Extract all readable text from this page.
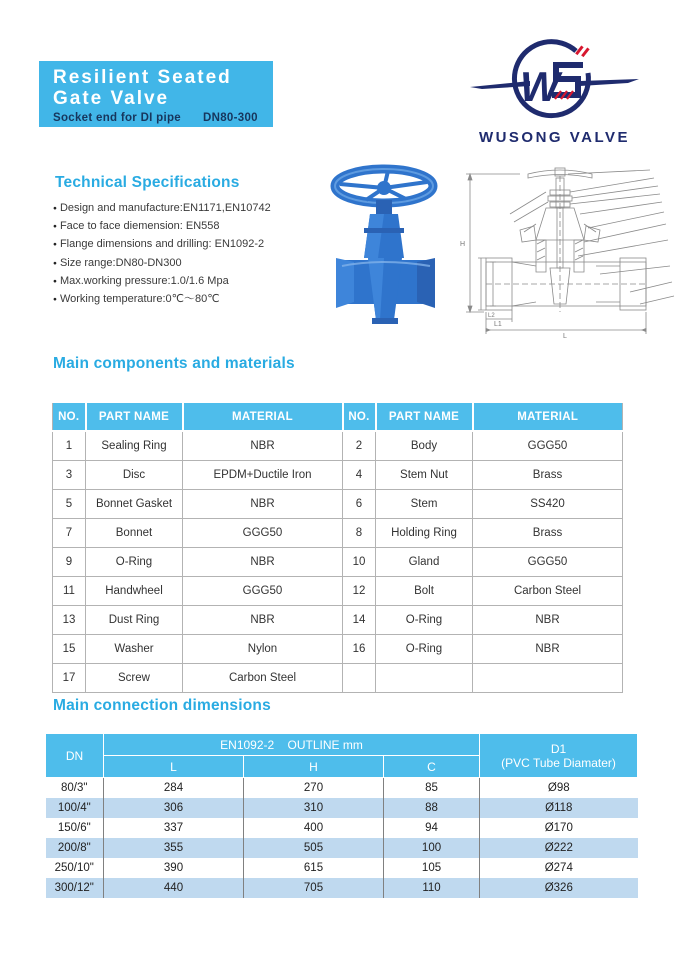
Resilient Seated
Gate Valve
Socket end for DI pipe DN80-300
W
WUSONG VALVE
Technical Specifications
● Design and manufacture:EN1171,EN10742
● Face to face diemension: EN558
● Flange dimensions and drilling: EN1092-2
● Size range:DN80-DN300
● Max.working pressure:1.0/1.6 Mpa
● Working temperature:0℃～80℃
H
L
L1
L2
Main components and materials
NO.	PART NAME	MATERIAL	NO.	PART NAME	MATERIAL
1	Sealing Ring	NBR	2	Body	GGG50
3	Disc	EPDM+Ductile Iron	4	Stem Nut	Brass
5	Bonnet Gasket	NBR	6	Stem	SS420
7	Bonnet	GGG50	8	Holding Ring	Brass
9	O-Ring	NBR	10	Gland	GGG50
11	Handwheel	GGG50	12	Bolt	Carbon Steel
13	Dust Ring	NBR	14	O-Ring	NBR
15	Washer	Nylon	16	O-Ring	NBR
17	Screw	Carbon Steel			
Main connection dimensions
DN	EN1092-2    OUTLINE mm			D1
(PVC Tube Diamater)

	L	H	C	
80/3"	284	270	85	Ø98
100/4"	306	310	88	Ø118
150/6"	337	400	94	Ø170
200/8"	355	505	100	Ø222
250/10"	390	615	105	Ø274
300/12"	440	705	110	Ø326
